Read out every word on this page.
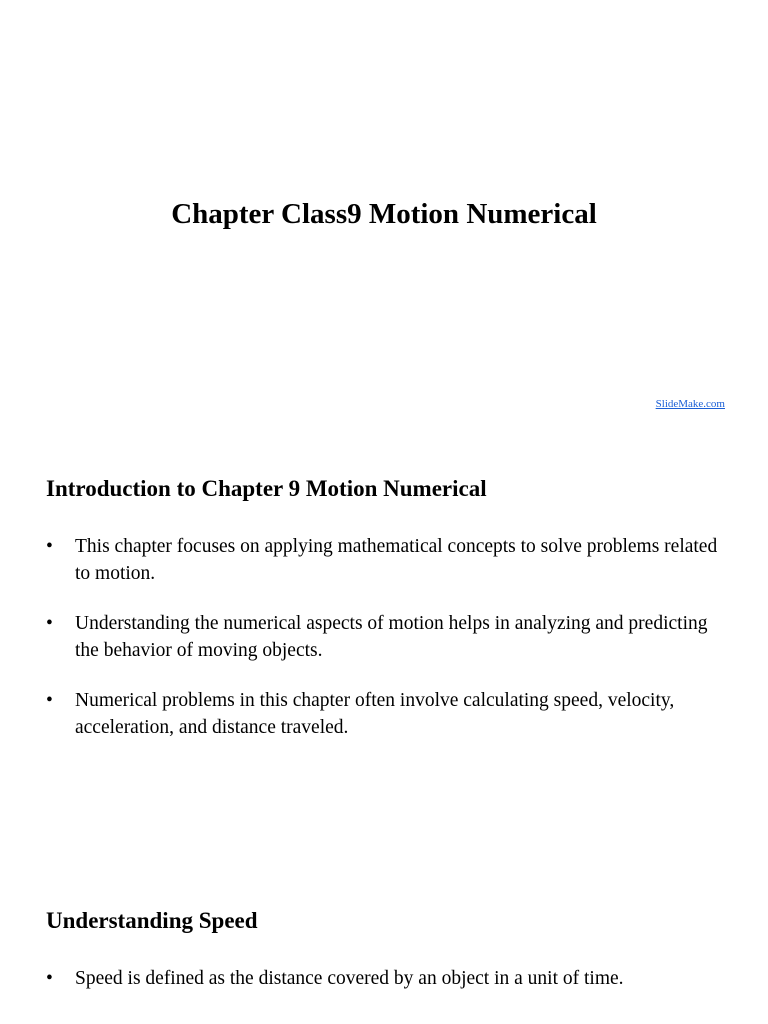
Chapter Class9 Motion Numerical
SlideMake.com
Introduction to Chapter 9 Motion Numerical
• This chapter focuses on applying mathematical concepts to solve problems related to motion.
• Understanding the numerical aspects of motion helps in analyzing and predicting the behavior of moving objects.
• Numerical problems in this chapter often involve calculating speed, velocity, acceleration, and distance traveled.
Understanding Speed
• Speed is defined as the distance covered by an object in a unit of time.
